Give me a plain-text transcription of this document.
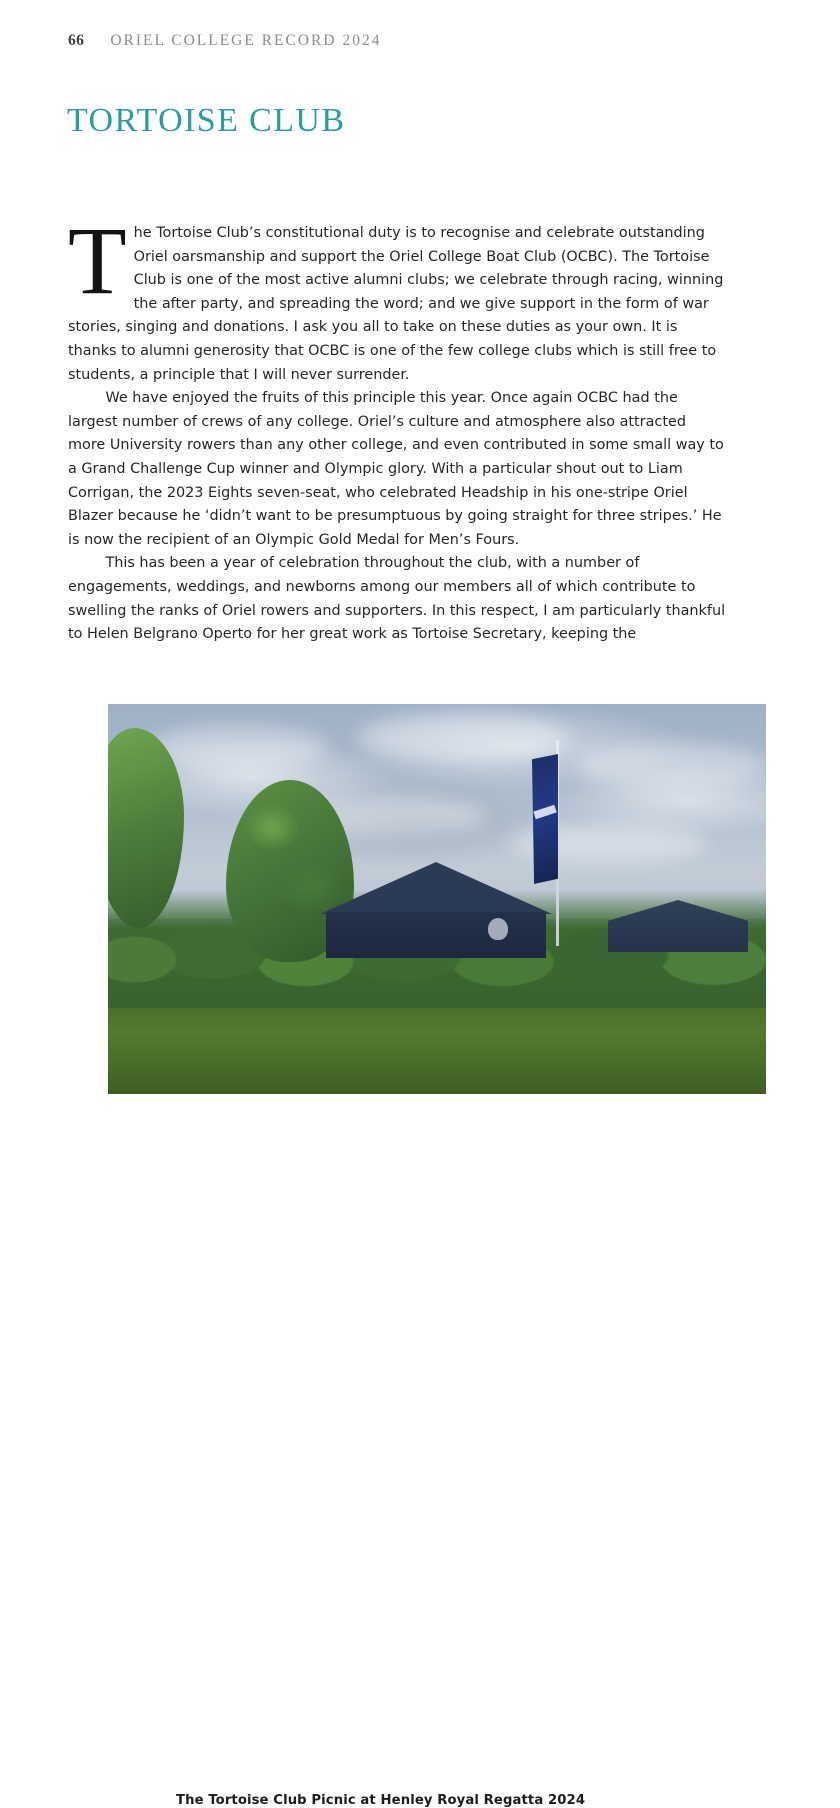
66 ORIEL COLLEGE RECORD 2024
TORTOISE CLUB

The Tortoise Club’s constitutional duty is to recognise and celebrate outstanding Oriel oarsmanship and support the Oriel College Boat Club (OCBC). The Tortoise Club is one of the most active alumni clubs; we celebrate through racing, winning the after party, and spreading the word; and we give support in the form of war stories, singing and donations. I ask you all to take on these duties as your own. It is thanks to alumni generosity that OCBC is one of the few college clubs which is still free to students, a principle that I will never surrender.

We have enjoyed the fruits of this principle this year. Once again OCBC had the largest number of crews of any college. Oriel’s culture and atmosphere also attracted more University rowers than any other college, and even contributed in some small way to a Grand Challenge Cup winner and Olympic glory. With a particular shout out to Liam Corrigan, the 2023 Eights seven-seat, who celebrated Headship in his one-stripe Oriel Blazer because he ‘didn’t want to be presumptuous by going straight for three stripes.’ He is now the recipient of an Olympic Gold Medal for Men’s Fours.

This has been a year of celebration throughout the club, with a number of engagements, weddings, and newborns among our members all of which contribute to swelling the ranks of Oriel rowers and supporters. In this respect, I am particularly thankful to Helen Belgrano Operto for her great work as Tortoise Secretary, keeping the

The Tortoise Club Picnic at Henley Royal Regatta 2024
